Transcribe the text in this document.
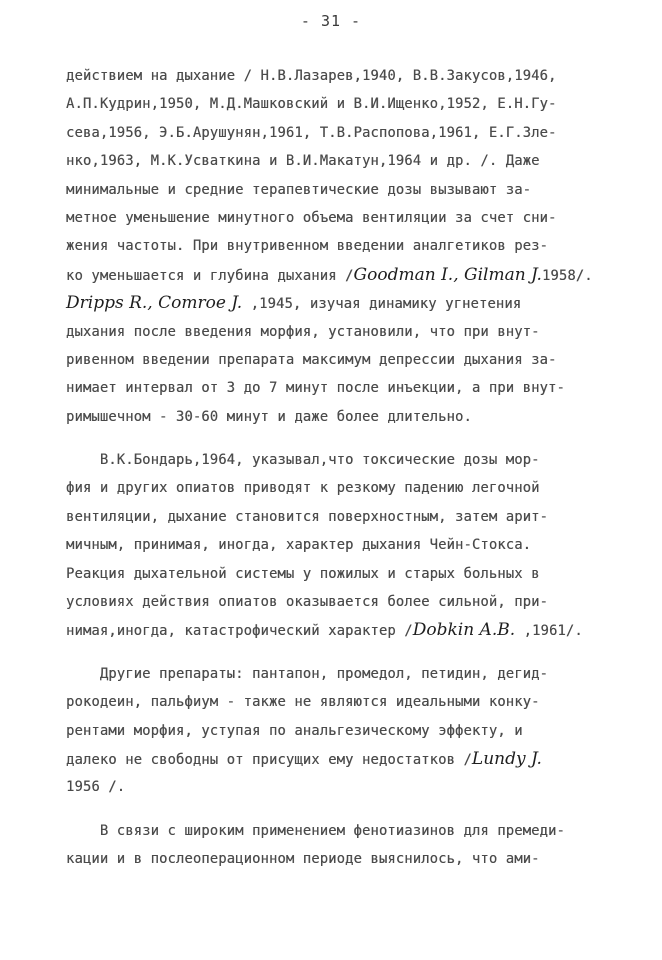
- 31 -
действием на дыхание / Н.В.Лазарев,1940, В.В.Закусов,1946,
А.П.Кудрин,1950, М.Д.Машковский и В.И.Ищенко,1952, Е.Н.Гу-
сева,1956, Э.Б.Арушунян,1961, Т.В.Распопова,1961, Е.Г.Зле-
нко,1963, М.К.Усваткина и В.И.Макатун,1964 и др. /. Даже
минимальные и средние терапевтические дозы вызывают за-
метное уменьшение минутного объема вентиляции за счет сни-
жения частоты. При внутривенном введении аналгетиков рез-
ко уменьшается и глубина дыхания /Goodman I., Gilman J.1958/.
Dripps R., Comroe J. ,1945, изучая динамику угнетения
дыхания после введения морфия, установили, что при внут-
ривенном введении препарата максимум депрессии дыхания за-
нимает интервал от 3 до 7 минут после инъекции, а при внут-
римышечном - 30-60 минут и даже более длительно.
В.К.Бондарь,1964, указывал,что токсические дозы мор-
фия и других опиатов приводят к резкому падению легочной
вентиляции, дыхание становится поверхностным, затем арит-
мичным, принимая, иногда, характер дыхания Чейн-Стокса.
Реакция дыхательной системы у пожилых и старых больных в
условиях действия опиатов оказывается более сильной, при-
нимая,иногда, катастрофический характер /Dobkin A.B. ,1961/.
Другие препараты: пантапон, промедол, петидин, дегид-
рокодеин, пальфиум - также не являются идеальными конку-
рентами морфия, уступая по анальгезическому эффекту, и
далеко не свободны от присущих ему недостатков /Lundy J.
1956 /.
В связи с широким применением фенотиазинов для премеди-
кации и в послеоперационном периоде выяснилось, что ами-
